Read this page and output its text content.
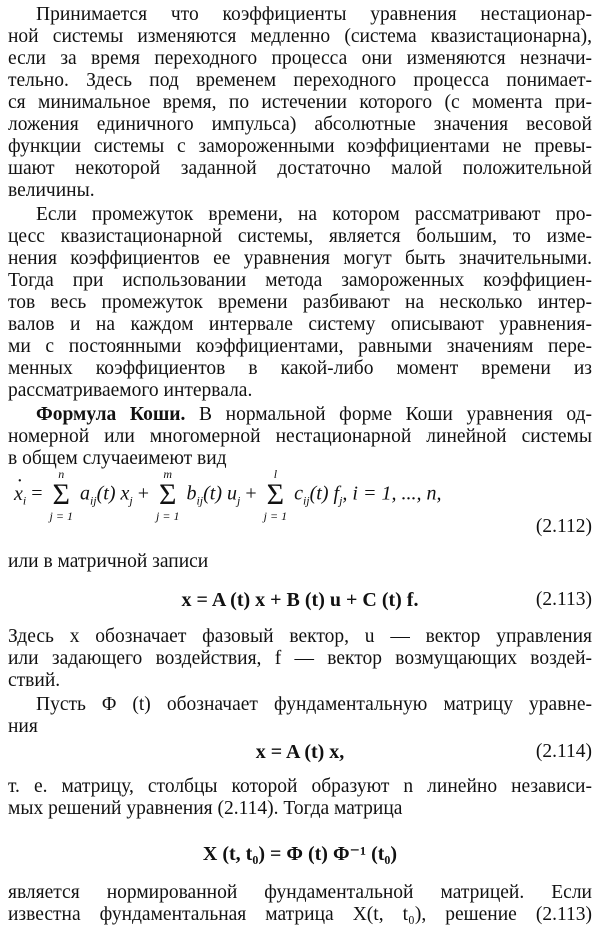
Принимается что коэффициенты уравнения нестационар-
ной системы изменяются медленно (система квазистационарна),
если за время переходного процесса они изменяются незначи-
тельно. Здесь под временем переходного процесса понимает-
ся минимальное время, по истечении которого (с момента при-
ложения единичного импульса) абсолютные значения весовой
функции системы с замороженными коэффициентами не превы-
шают некоторой заданной достаточно малой положительной
величины.
Если промежуток времени, на котором рассматривают про-
цесс квазистационарной системы, является большим, то изме-
нения коэффициентов ее уравнения могут быть значительными.
Тогда при использовании метода замороженных коэффициен-
тов весь промежуток времени разбивают на несколько интер-
валов и на каждом интервале систему описывают уравнения-
ми с постоянными коэффициентами, равными значениям пере-
менных коэффициентов в какой-либо момент времени из
рассматриваемого интервала.
Формула Коши. В нормальной форме Коши уравнения од-
номерной или многомерной нестационарной линейной системы
в общем случаеимеют вид
· $x_i$ =
n
Σ
j = 1
$a_{ij}(t) x_j$ +
m
Σ
j = 1
$b_{ij}(t) u_j$ +
l
Σ
j = 1
$c_{ij}(t)$ $f_j$, i = 1, ..., n,
(2.112)
или в матричной записи
x = A (t) x + B (t) u + C (t) f.	(2.113)
Здесь x обозначает фазовый вектор, u — вектор управления
или задающего воздействия, f — вектор возмущающих воздей-
ствий.
Пусть Φ (t) обозначает фундаментальную матрицу уравне-
ния
x = A (t) x,	(2.114)
т. е. матрицу, столбцы которой образуют n линейно независи-
мых решений уравнения (2.114). Тогда матрица
X (t, t₀) = Φ (t) Φ⁻¹ (t₀)
является нормированной фундаментальной матрицей. Если
известна фундаментальная матрица X(t, t₀), решение (2.113)
